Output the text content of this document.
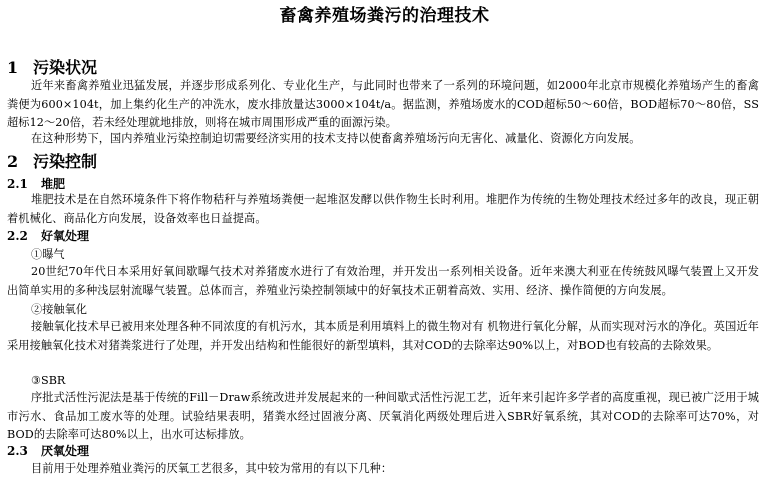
畜禽养殖场粪污的治理技术
1 污染状况
近年来畜禽养殖业迅猛发展，并逐步形成系列化、专业化生产，与此同时也带来了一系列的环境问题，如2000年北京市规模化养殖场产生的畜禽粪便为600×104t，加上集约化生产的冲洗水，废水排放量达3000×104t/a。据监测，养殖场废水的COD超标50～60倍，BOD超标70～80倍，SS超标12～20倍，若未经处理就地排放，则将在城市周围形成严重的面源污染。
在这种形势下，国内养殖业污染控制迫切需要经济实用的技术支持以使畜禽养殖场污向无害化、减量化、资源化方向发展。
2 污染控制
2.1 堆肥
堆肥技术是在自然环境条件下将作物秸秆与养殖场粪便一起堆沤发酵以供作物生长时利用。堆肥作为传统的生物处理技术经过多年的改良，现正朝着机械化、商品化方向发展，设备效率也日益提高。
2.2 好氧处理
①曝气
20世纪70年代日本采用好氧间歇曝气技术对养猪废水进行了有效治理，并开发出一系列相关设备。近年来澳大利亚在传统鼓风曝气装置上又开发出简单实用的多种浅层射流曝气装置。总体而言，养殖业污染控制领域中的好氧技术正朝着高效、实用、经济、操作简便的方向发展。
②接触氧化
接触氧化技术早已被用来处理各种不同浓度的有机污水，其本质是利用填料上的微生物对有 机物进行氧化分解，从而实现对污水的净化。英国近年采用接触氧化技术对猪粪浆进行了处理，并开发出结构和性能很好的新型填料，其对COD的去除率达90%以上，对BOD也有较高的去除效果。
③SBR
序批式活性污泥法是基于传统的Fill－Draw系统改进并发展起来的一种间歇式活性污泥工艺，近年来引起许多学者的高度重视，现已被广泛用于城市污水、食品加工废水等的处理。试验结果表明，猪粪水经过固液分离、厌氧消化两级处理后进入SBR好氧系统，其对COD的去除率可达70%，对BOD的去除率可达80%以上，出水可达标排放。
2.3 厌氧处理
目前用于处理养殖业粪污的厌氧工艺很多，其中较为常用的有以下几种：
